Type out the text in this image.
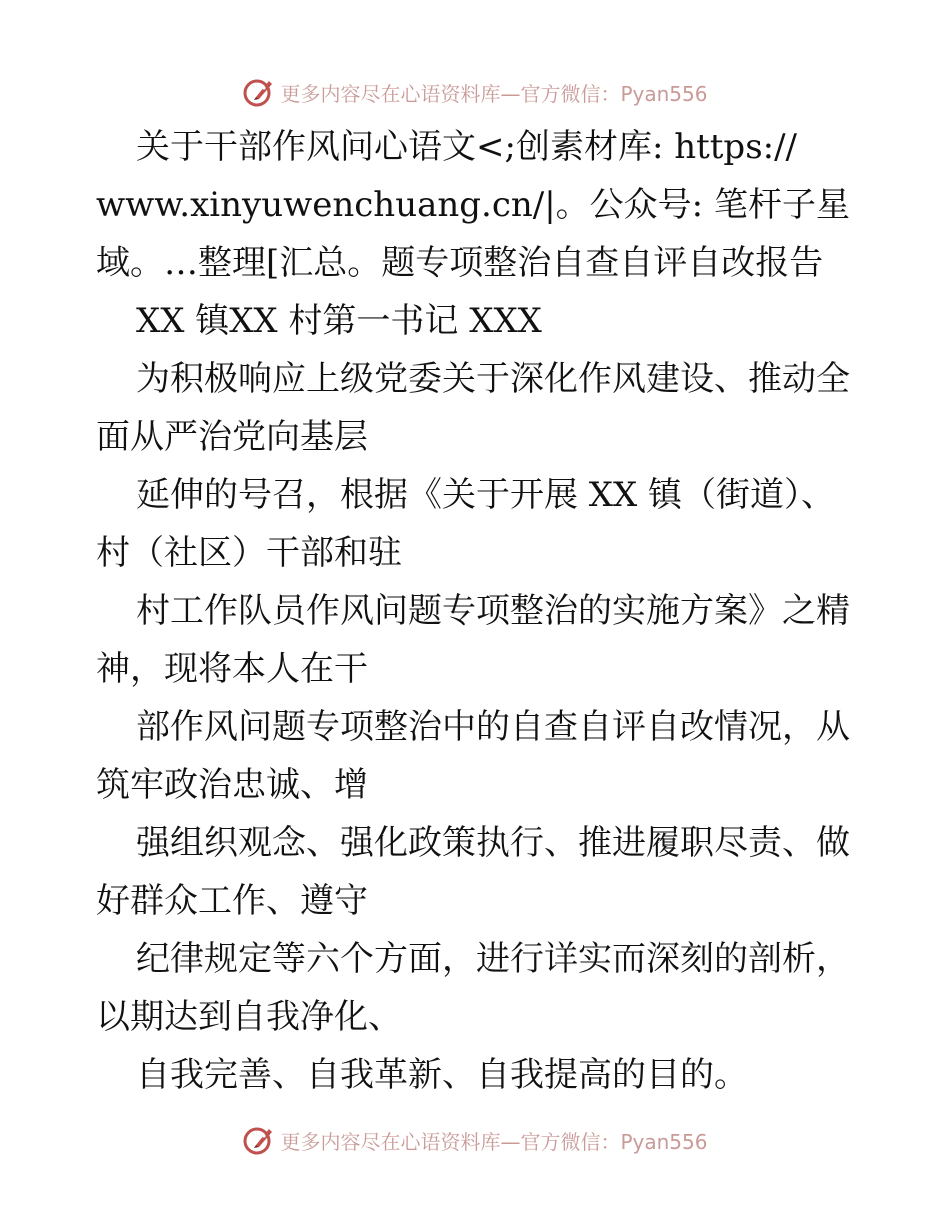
更多内容尽在心语资料库—官方微信：Pyan556
关于干部作风问心语文<;创素材库: https://
www.xinyuwenchuang.cn/|。公众号: 笔杆子星
域。…整理[汇总。题专项整治自查自评自改报告
XX 镇XX 村第一书记 XXX
为积极响应上级党委关于深化作风建设、推动全
面从严治党向基层
延伸的号召，根据《关于开展 XX 镇（街道）、
村（社区）干部和驻
村工作队员作风问题专项整治的实施方案》之精
神，现将本人在干
部作风问题专项整治中的自查自评自改情况，从
筑牢政治忠诚、增
强组织观念、强化政策执行、推进履职尽责、做
好群众工作、遵守
纪律规定等六个方面，进行详实而深刻的剖析，
以期达到自我净化、
自我完善、自我革新、自我提高的目的。
更多内容尽在心语资料库—官方微信：Pyan556
